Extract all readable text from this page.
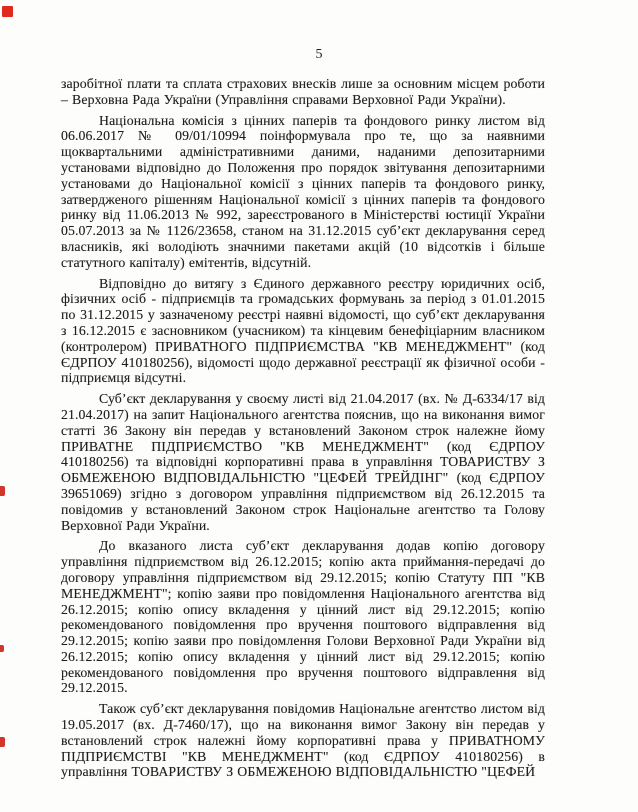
5

заробітної плати та сплата страхових внесків лише за основним місцем роботи – Верховна Рада України (Управління справами Верховної Ради України).

Національна комісія з цінних паперів та фондового ринку листом від 06.06.2017 № 09/01/10994 поінформувала про те, що за наявними щоквартальними адміністративними даними, наданими депозитарними установами відповідно до Положення про порядок звітування депозитарними установами до Національної комісії з цінних паперів та фондового ринку, затвердженого рішенням Національної комісії з цінних паперів та фондового ринку від 11.06.2013 № 992, зареєстрованого в Міністерстві юстиції України 05.07.2013 за № 1126/23658, станом на 31.12.2015 суб’єкт декларування серед власників, які володіють значними пакетами акцій (10 відсотків і більше статутного капіталу) емітентів, відсутній.

Відповідно до витягу з Єдиного державного реєстру юридичних осіб, фізичних осіб - підприємців та громадських формувань за період з 01.01.2015 по 31.12.2015 у зазначеному реєстрі наявні відомості, що суб’єкт декларування з 16.12.2015 є засновником (учасником) та кінцевим бенефіціарним власником (контролером) ПРИВАТНОГО ПІДПРИЄМСТВА "КВ МЕНЕДЖМЕНТ" (код ЄДРПОУ 410180256), відомості щодо державної реєстрації як фізичної особи - підприємця відсутні.

Суб’єкт декларування у своєму листі від 21.04.2017 (вх. № Д-6334/17 від 21.04.2017) на запит Національного агентства пояснив, що на виконання вимог статті 36 Закону він передав у встановлений Законом строк належне йому ПРИВАТНЕ ПІДПРИЄМСТВО "КВ МЕНЕДЖМЕНТ" (код ЄДРПОУ 410180256) та відповідні корпоративні права в управління ТОВАРИСТВУ З ОБМЕЖЕНОЮ ВІДПОВІДАЛЬНІСТЮ "ЦЕФЕЙ ТРЕЙДІНГ" (код ЄДРПОУ 39651069) згідно з договором управління підприємством від 26.12.2015 та повідомив у встановлений Законом строк Національне агентство та Голову Верховної Ради України.

До вказаного листа суб’єкт декларування додав копію договору управління підприємством від 26.12.2015; копію акта приймання-передачі до договору управління підприємством від 29.12.2015; копію Статуту ПП "КВ МЕНЕДЖМЕНТ"; копію заяви про повідомлення Національного агентства від 26.12.2015; копію опису вкладення у цінний лист від 29.12.2015; копію рекомендованого повідомлення про вручення поштового відправлення від 29.12.2015; копію заяви про повідомлення Голови Верховної Ради України від 26.12.2015; копію опису вкладення у цінний лист від 29.12.2015; копію рекомендованого повідомлення про вручення поштового відправлення від 29.12.2015.

Також суб’єкт декларування повідомив Національне агентство листом від 19.05.2017 (вх. Д-7460/17), що на виконання вимог Закону він передав у встановлений строк належні йому корпоративні права у ПРИВАТНОМУ ПІДПРИЄМСТВІ "КВ МЕНЕДЖМЕНТ" (код ЄДРПОУ 410180256) в управління ТОВАРИСТВУ З ОБМЕЖЕНОЮ ВІДПОВІДАЛЬНІСТЮ "ЦЕФЕЙ
